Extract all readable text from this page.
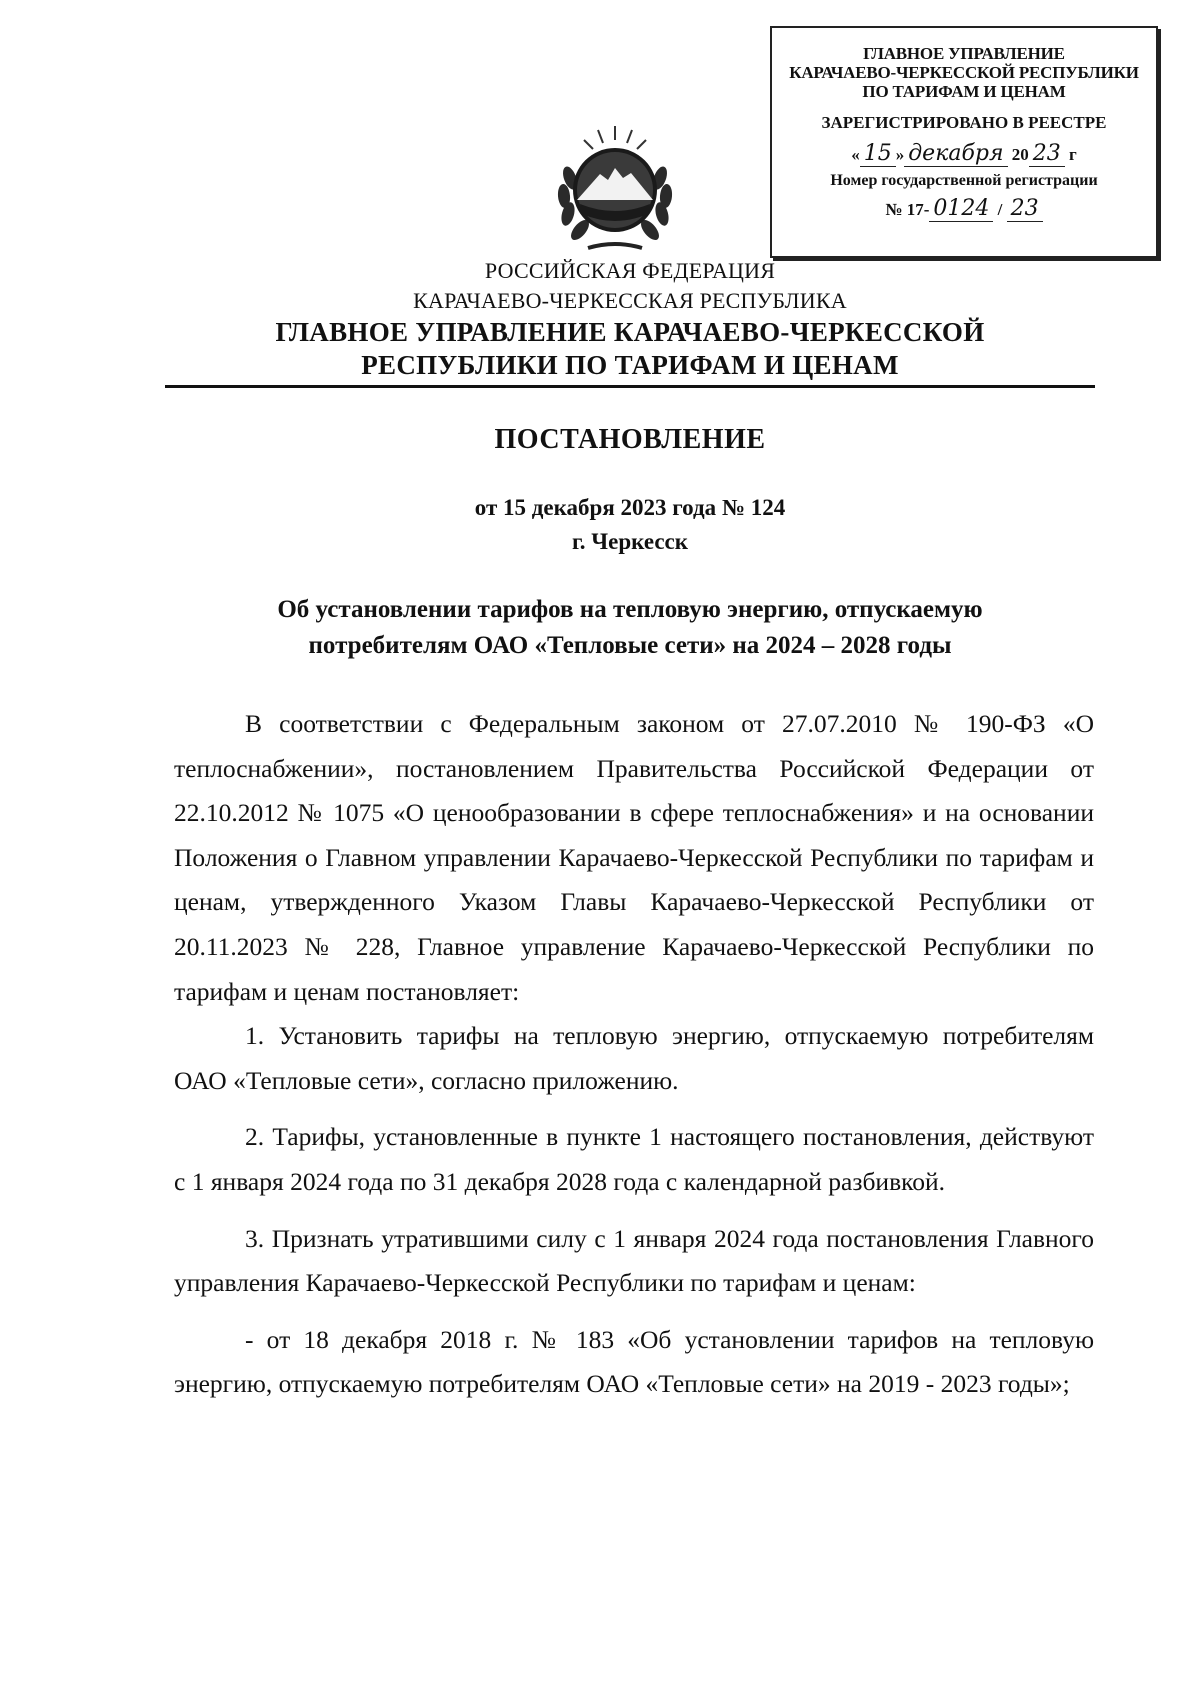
ГЛАВНОЕ УПРАВЛЕНИЕ
КАРАЧАЕВО-ЧЕРКЕССКОЙ РЕСПУБЛИКИ
ПО ТАРИФАМ И ЦЕНАМ
ЗАРЕГИСТРИРОВАНО В РЕЕСТРЕ
« 15 » декабря 20 23 г
Номер государственной регистрации
№ 17- 0124 / 23
РОССИЙСКАЯ ФЕДЕРАЦИЯ
КАРАЧАЕВО-ЧЕРКЕССКАЯ РЕСПУБЛИКА
ГЛАВНОЕ УПРАВЛЕНИЕ КАРАЧАЕВО-ЧЕРКЕССКОЙ
РЕСПУБЛИКИ ПО ТАРИФАМ И ЦЕНАМ
ПОСТАНОВЛЕНИЕ
от 15 декабря 2023 года № 124
г. Черкесск
Об установлении тарифов на тепловую энергию, отпускаемую
потребителям ОАО «Тепловые сети» на 2024 – 2028 годы

В соответствии с Федеральным законом от 27.07.2010 № 190-ФЗ «О теплоснабжении», постановлением Правительства Российской Федерации от 22.10.2012 № 1075 «О ценообразовании в сфере теплоснабжения» и на основании Положения о Главном управлении Карачаево-Черкесской Республики по тарифам и ценам, утвержденного Указом Главы Карачаево-Черкесской Республики от 20.11.2023 № 228, Главное управление Карачаево-Черкесской Республики по тарифам и ценам постановляет:

1. Установить тарифы на тепловую энергию, отпускаемую потребителям ОАО «Тепловые сети», согласно приложению.

2. Тарифы, установленные в пункте 1 настоящего постановления, действуют с 1 января 2024 года по 31 декабря 2028 года с календарной разбивкой.

3. Признать утратившими силу с 1 января 2024 года постановления Главного управления Карачаево-Черкесской Республики по тарифам и ценам:

- от 18 декабря 2018 г. № 183 «Об установлении тарифов на тепловую энергию, отпускаемую потребителям ОАО «Тепловые сети» на 2019 - 2023 годы»;
